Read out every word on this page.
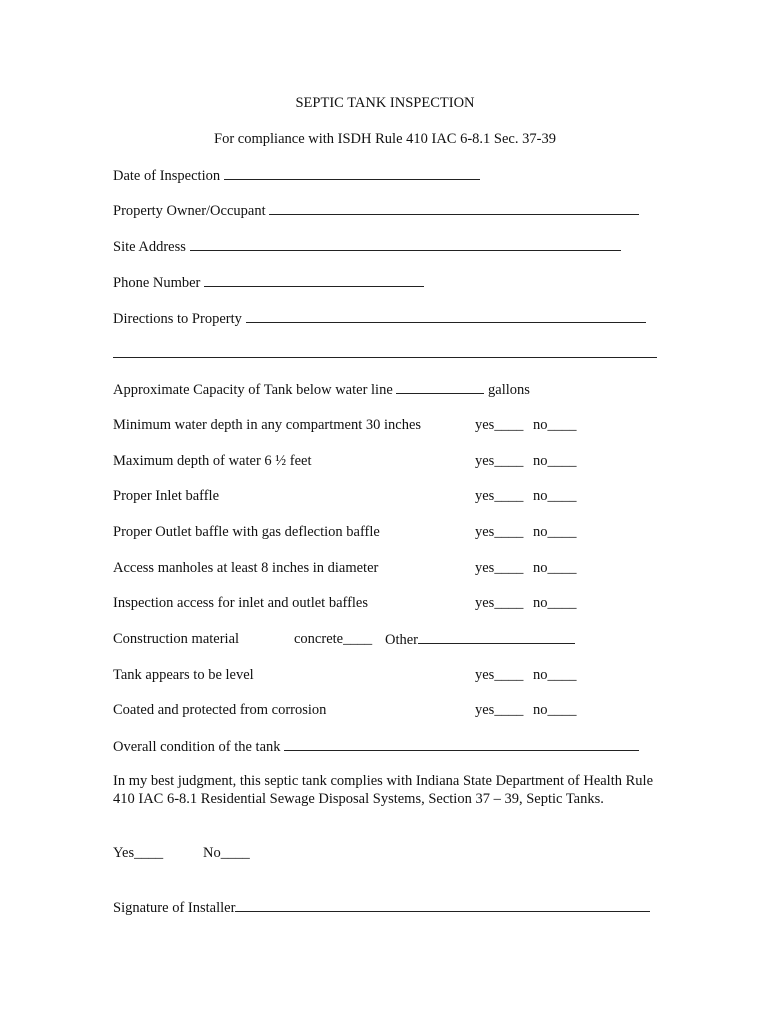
SEPTIC TANK INSPECTION
For compliance with ISDH Rule 410 IAC 6-8.1 Sec. 37-39
Date of Inspection
Property Owner/Occupant
Site Address
Phone Number
Directions to Property
Approximate Capacity of Tank below water line	gallons
Minimum water depth in any compartment 30 inches	yes____ no____
Maximum depth of water 6 ½ feet	yes____ no____
Proper Inlet baffle	yes____ no____
Proper Outlet baffle with gas deflection baffle	yes____ no____
Access manholes at least 8 inches in diameter	yes____ no____
Inspection access for inlet and outlet baffles	yes____ no____
Construction material	concrete____ Other
Tank appears to be level	yes____ no____
Coated and protected from corrosion	yes____ no____
Overall condition of the tank
In my best judgment, this septic tank complies with Indiana State Department of Health Rule 410 IAC 6-8.1 Residential Sewage Disposal Systems, Section 37 – 39, Septic Tanks.
Yes____	No____
Signature of Installer
